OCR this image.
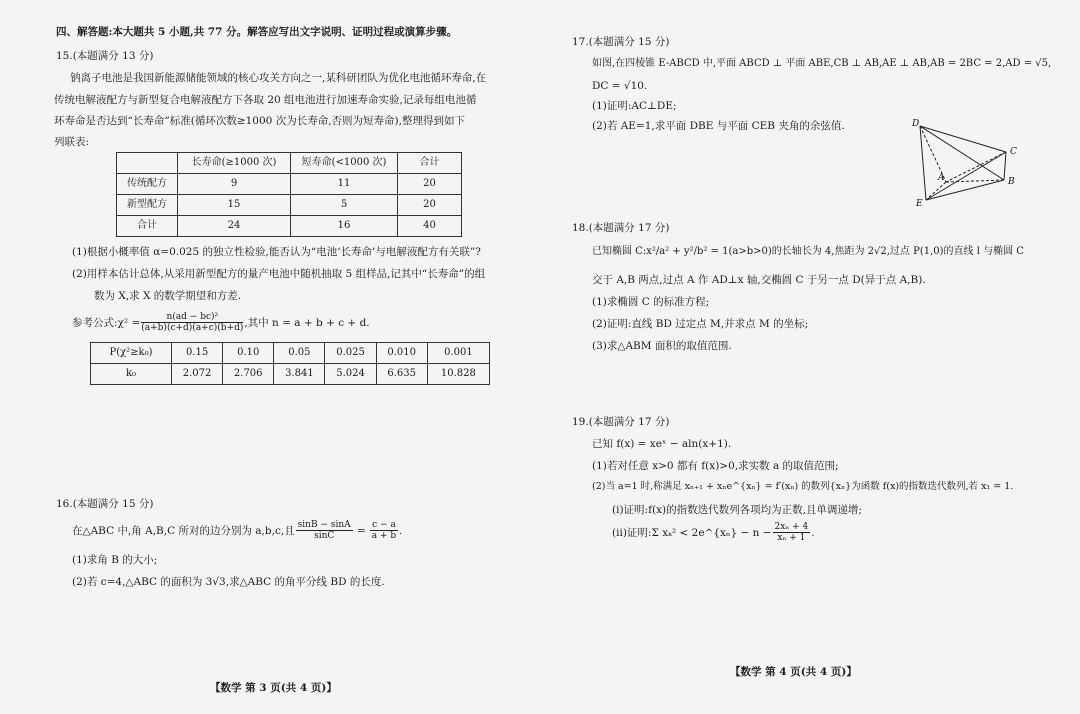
四、解答题:本大题共 5 小题,共 77 分。解答应写出文字说明、证明过程或演算步骤。
15.(本题满分 13 分)
钠离子电池是我国新能源储能领域的核心攻关方向之一,某科研团队为优化电池循环寿命,在
传统电解液配方与新型复合电解液配方下各取 20 组电池进行加速寿命实验,记录每组电池循
环寿命是否达到“长寿命”标准(循环次数≥1000 次为长寿命,否则为短寿命),整理得到如下
列联表:
	长寿命(≥1000 次)	短寿命(<1000 次)	合计
传统配方	9	11	20
新型配方	15	5	20
合计	24	16	40
(1)根据小概率值 α=0.025 的独立性检验,能否认为“电池‘长寿命’与电解液配方有关联”?
(2)用样本估计总体,从采用新型配方的量产电池中随机抽取 5 组样品,记其中“长寿命”的组
数为 X,求 X 的数学期望和方差.
参考公式:χ² = $\frac{\text{n(ad − bc)²}}{(a+b)(c+d)(a+c)(b+d)}$ ,其中 n = a + b + c + d.
P(χ²≥k₀)	0.15	0.10	0.05	0.025	0.010	0.001
k₀	2.072	2.706	3.841	5.024	6.635	10.828
16.(本题满分 15 分)
在△ABC 中,角 A,B,C 所对的边分别为 a,b,c,且 $\frac{\sin B - \sin A}{\sin C} = \frac{c - a}{a + b}$ .
(1)求角 B 的大小;
(2)若 c=4,△ABC 的面积为 3√3,求△ABC 的角平分线 BD 的长度.
【数学 第 3 页(共 4 页)】
17.(本题满分 15 分)
如图,在四棱锥 E-ABCD 中,平面 ABCD ⊥ 平面 ABE,CB ⊥ AB,AE ⊥ AB,AB = 2BC = 2,AD = √5,
DC = √10.
(1)证明:AC⊥DE;
(2)若 AE=1,求平面 DBE 与平面 CEB 夹角的余弦值.	D
C
A	B
E
18.(本题满分 17 分)
已知椭圆 C:x²/a² + y²/b² = 1(a>b>0)的长轴长为 4,焦距为 2√2,过点 P(1,0)的直线 l 与椭圆 C
交于 A,B 两点,过点 A 作 AD⊥x 轴,交椭圆 C 于另一点 D(异于点 A,B).
(1)求椭圆 C 的标准方程;
(2)证明:直线 BD 过定点 M,并求点 M 的坐标;
(3)求△ABM 面积的取值范围.
19.(本题满分 17 分)
已知 f(x) = xeˣ − aln(x+1).
(1)若对任意 x>0 都有 f(x)>0,求实数 a 的取值范围;
(2)当 a=1 时,称满足 xₙ₊₁ + xₙe^{xₙ} = f′(xₙ) 的数列{xₙ}为函数 f(x)的指数迭代数列,若 x₁ = 1.
(ⅰ)证明:f(x)的指数迭代数列各项均为正数,且单调递增;
(ⅱ)证明:Σ xₖ² < 2e^{xₙ} − $n - \frac{\text{2xₙ + 4}}{\text{xₙ + 1}}$ .
【数学 第 4 页(共 4 页)】
